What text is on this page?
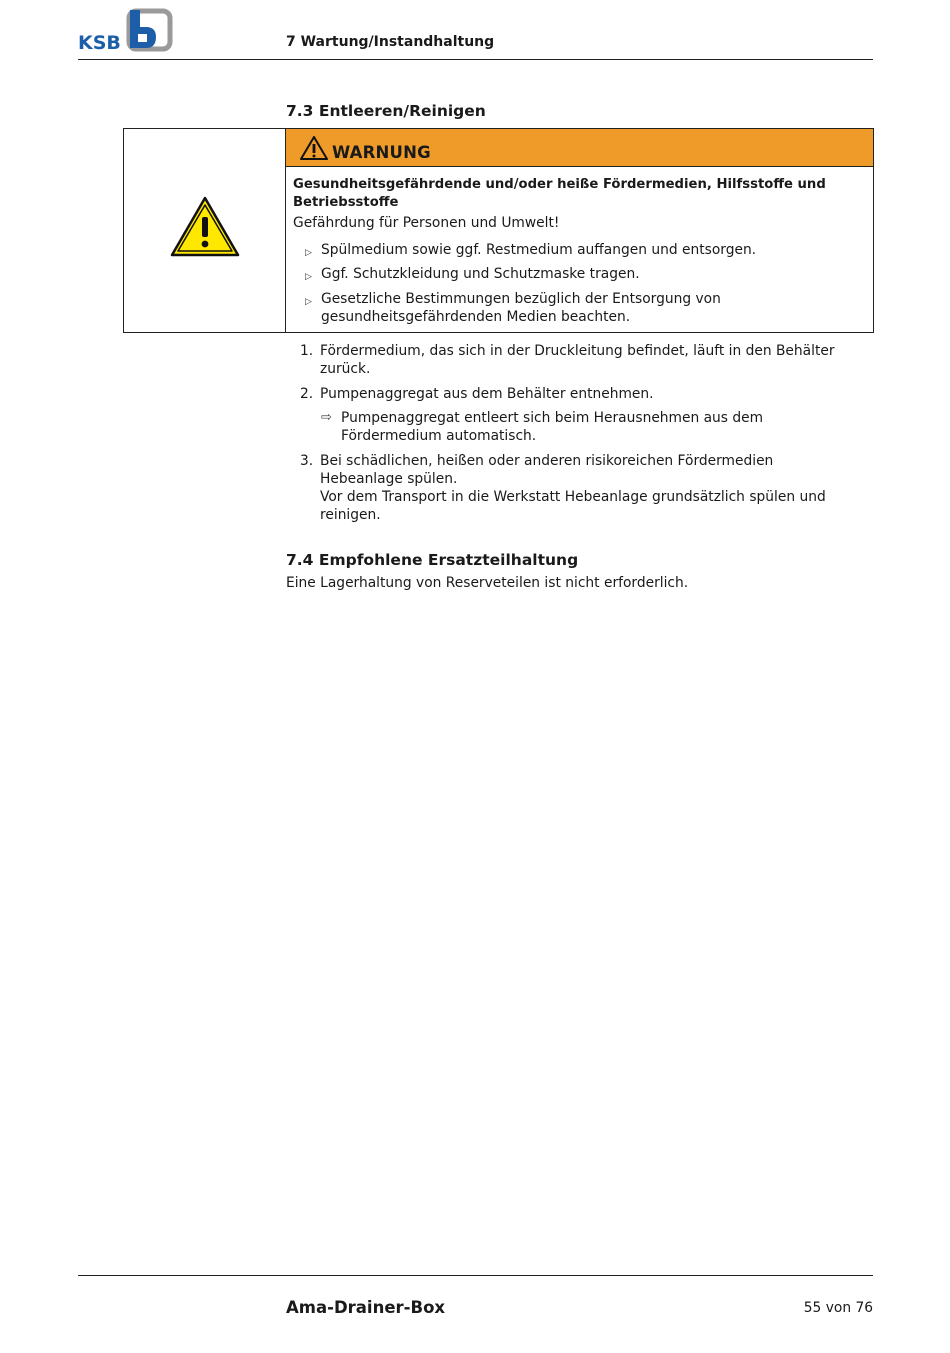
KSB	7 Wartung/Instandhaltung
7.3 Entleeren/Reinigen
WARNUNG
Gesundheitsgefährdende und/oder heiße Fördermedien, Hilfsstoffe und Betriebsstoffe
Gefährdung für Personen und Umwelt!
▷ Spülmedium sowie ggf. Restmedium auffangen und entsorgen.
▷ Ggf. Schutzkleidung und Schutzmaske tragen.
▷ Gesetzliche Bestimmungen bezüglich der Entsorgung von gesundheitsgefährdenden Medien beachten.
1. Fördermedium, das sich in der Druckleitung befindet, läuft in den Behälter zurück.
2. Pumpenaggregat aus dem Behälter entnehmen.
⇨ Pumpenaggregat entleert sich beim Herausnehmen aus dem Fördermedium automatisch.
3. Bei schädlichen, heißen oder anderen risikoreichen Fördermedien Hebeanlage spülen.
Vor dem Transport in die Werkstatt Hebeanlage grundsätzlich spülen und reinigen.
7.4 Empfohlene Ersatzteilhaltung
Eine Lagerhaltung von Reserveteilen ist nicht erforderlich.
Ama-Drainer-Box	55 von 76
